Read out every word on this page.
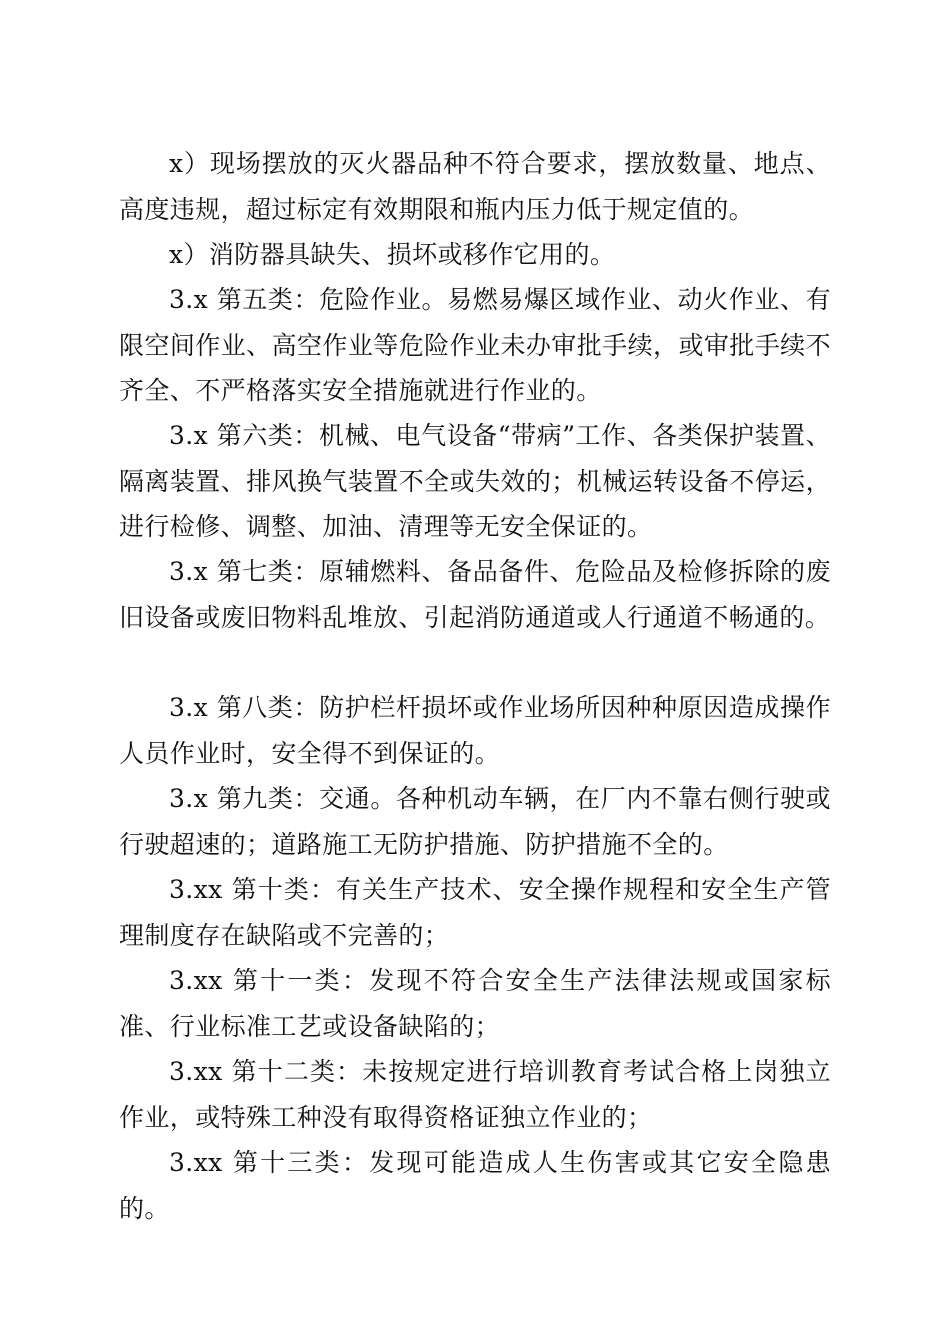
x）现场摆放的灭火器品种不符合要求，摆放数量、地点、高度违规，超过标定有效期限和瓶内压力低于规定值的。

x）消防器具缺失、损坏或移作它用的。

3.x 第五类：危险作业。易燃易爆区域作业、动火作业、有限空间作业、高空作业等危险作业未办审批手续，或审批手续不齐全、不严格落实安全措施就进行作业的。

3.x 第六类：机械、电气设备“带病”工作、各类保护装置、隔离装置、排风换气装置不全或失效的；机械运转设备不停运，进行检修、调整、加油、清理等无安全保证的。

3.x 第七类：原辅燃料、备品备件、危险品及检修拆除的废旧设备或废旧物料乱堆放、引起消防通道或人行通道不畅通的。

3.x 第八类：防护栏杆损坏或作业场所因种种原因造成操作人员作业时，安全得不到保证的。

3.x 第九类：交通。各种机动车辆，在厂内不靠右侧行驶或行驶超速的；道路施工无防护措施、防护措施不全的。

3.xx 第十类：有关生产技术、安全操作规程和安全生产管理制度存在缺陷或不完善的；

3.xx 第十一类：发现不符合安全生产法律法规或国家标准、行业标准工艺或设备缺陷的；

3.xx 第十二类：未按规定进行培训教育考试合格上岗独立作业，或特殊工种没有取得资格证独立作业的；

3.xx 第十三类：发现可能造成人生伤害或其它安全隐患的。
